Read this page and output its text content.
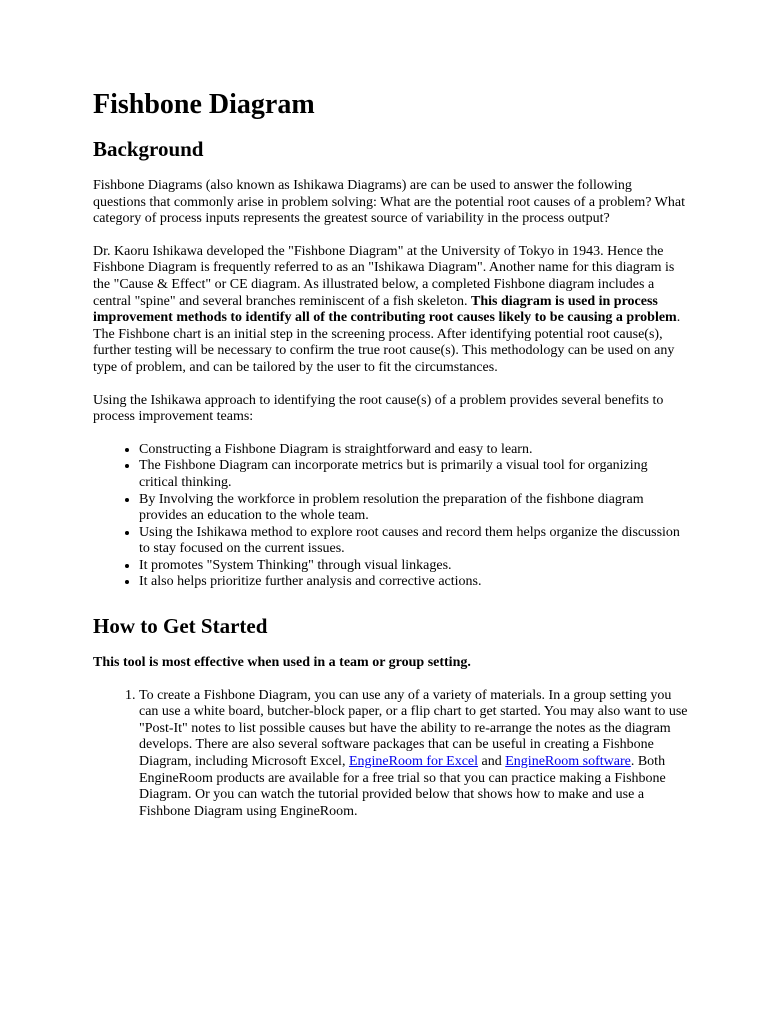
Fishbone Diagram
Background

Fishbone Diagrams (also known as Ishikawa Diagrams) are can be used to answer the following questions that commonly arise in problem solving: What are the potential root causes of a problem? What category of process inputs represents the greatest source of variability in the process output?

Dr. Kaoru Ishikawa developed the "Fishbone Diagram" at the University of Tokyo in 1943. Hence the Fishbone Diagram is frequently referred to as an "Ishikawa Diagram". Another name for this diagram is the "Cause & Effect" or CE diagram. As illustrated below, a completed Fishbone diagram includes a central "spine" and several branches reminiscent of a fish skeleton. This diagram is used in process improvement methods to identify all of the contributing root causes likely to be causing a problem. The Fishbone chart is an initial step in the screening process. After identifying potential root cause(s), further testing will be necessary to confirm the true root cause(s). This methodology can be used on any type of problem, and can be tailored by the user to fit the circumstances.

Using the Ishikawa approach to identifying the root cause(s) of a problem provides several benefits to process improvement teams:

• Constructing a Fishbone Diagram is straightforward and easy to learn.
• The Fishbone Diagram can incorporate metrics but is primarily a visual tool for organizing critical thinking.
• By Involving the workforce in problem resolution the preparation of the fishbone diagram provides an education to the whole team.
• Using the Ishikawa method to explore root causes and record them helps organize the discussion to stay focused on the current issues.
• It promotes "System Thinking" through visual linkages.
• It also helps prioritize further analysis and corrective actions.
How to Get Started

This tool is most effective when used in a team or group setting.

1. To create a Fishbone Diagram, you can use any of a variety of materials. In a group setting you can use a white board, butcher-block paper, or a flip chart to get started. You may also want to use "Post-It" notes to list possible causes but have the ability to re-arrange the notes as the diagram develops. There are also several software packages that can be useful in creating a Fishbone Diagram, including Microsoft Excel, EngineRoom for Excel and EngineRoom software. Both EngineRoom products are available for a free trial so that you can practice making a Fishbone Diagram. Or you can watch the tutorial provided below that shows how to make and use a Fishbone Diagram using EngineRoom.
